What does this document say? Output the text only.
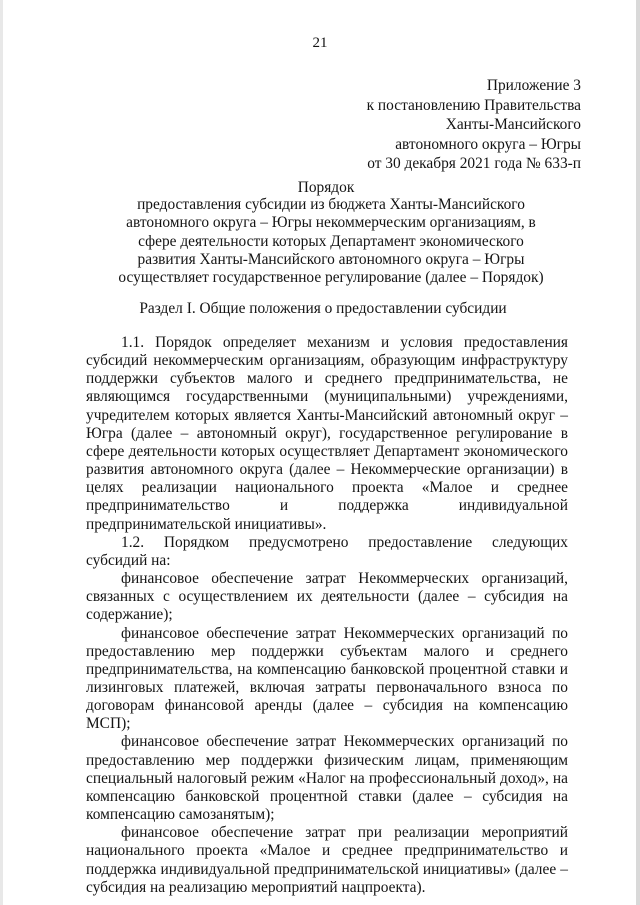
21
Приложение 3
к постановлению Правительства
Ханты-Мансийского
автономного округа – Югры
от 30 декабря 2021 года № 633-п
Порядок
предоставления субсидии из бюджета Ханты-Мансийского автономного округа – Югры некоммерческим организациям, в сфере деятельности которых Департамент экономического развития Ханты-Мансийского автономного округа – Югры осуществляет государственное регулирование (далее – Порядок)
Раздел I. Общие положения о предоставлении субсидии

1.1. Порядок определяет механизм и условия предоставления субсидий некоммерческим организациям, образующим инфраструктуру поддержки субъектов малого и среднего предпринимательства, не являющимся государственными (муниципальными) учреждениями, учредителем которых является Ханты-Мансийский автономный округ – Югра (далее – автономный округ), государственное регулирование в сфере деятельности которых осуществляет Департамент экономического развития автономного округа (далее – Некоммерческие организации) в целях реализации национального проекта «Малое и среднее предпринимательство и поддержка индивидуальной предпринимательской инициативы».

1.2. Порядком предусмотрено предоставление следующих субсидий на:

финансовое обеспечение затрат Некоммерческих организаций, связанных с осуществлением их деятельности (далее – субсидия на содержание);

финансовое обеспечение затрат Некоммерческих организаций по предоставлению мер поддержки субъектам малого и среднего предпринимательства, на компенсацию банковской процентной ставки и лизинговых платежей, включая затраты первоначального взноса по договорам финансовой аренды (далее – субсидия на компенсацию МСП);

финансовое обеспечение затрат Некоммерческих организаций по предоставлению мер поддержки физическим лицам, применяющим специальный налоговый режим «Налог на профессиональный доход», на компенсацию банковской процентной ставки (далее – субсидия на компенсацию самозанятым);

финансовое обеспечение затрат при реализации мероприятий национального проекта «Малое и среднее предпринимательство и поддержка индивидуальной предпринимательской инициативы» (далее – субсидия на реализацию мероприятий нацпроекта).
